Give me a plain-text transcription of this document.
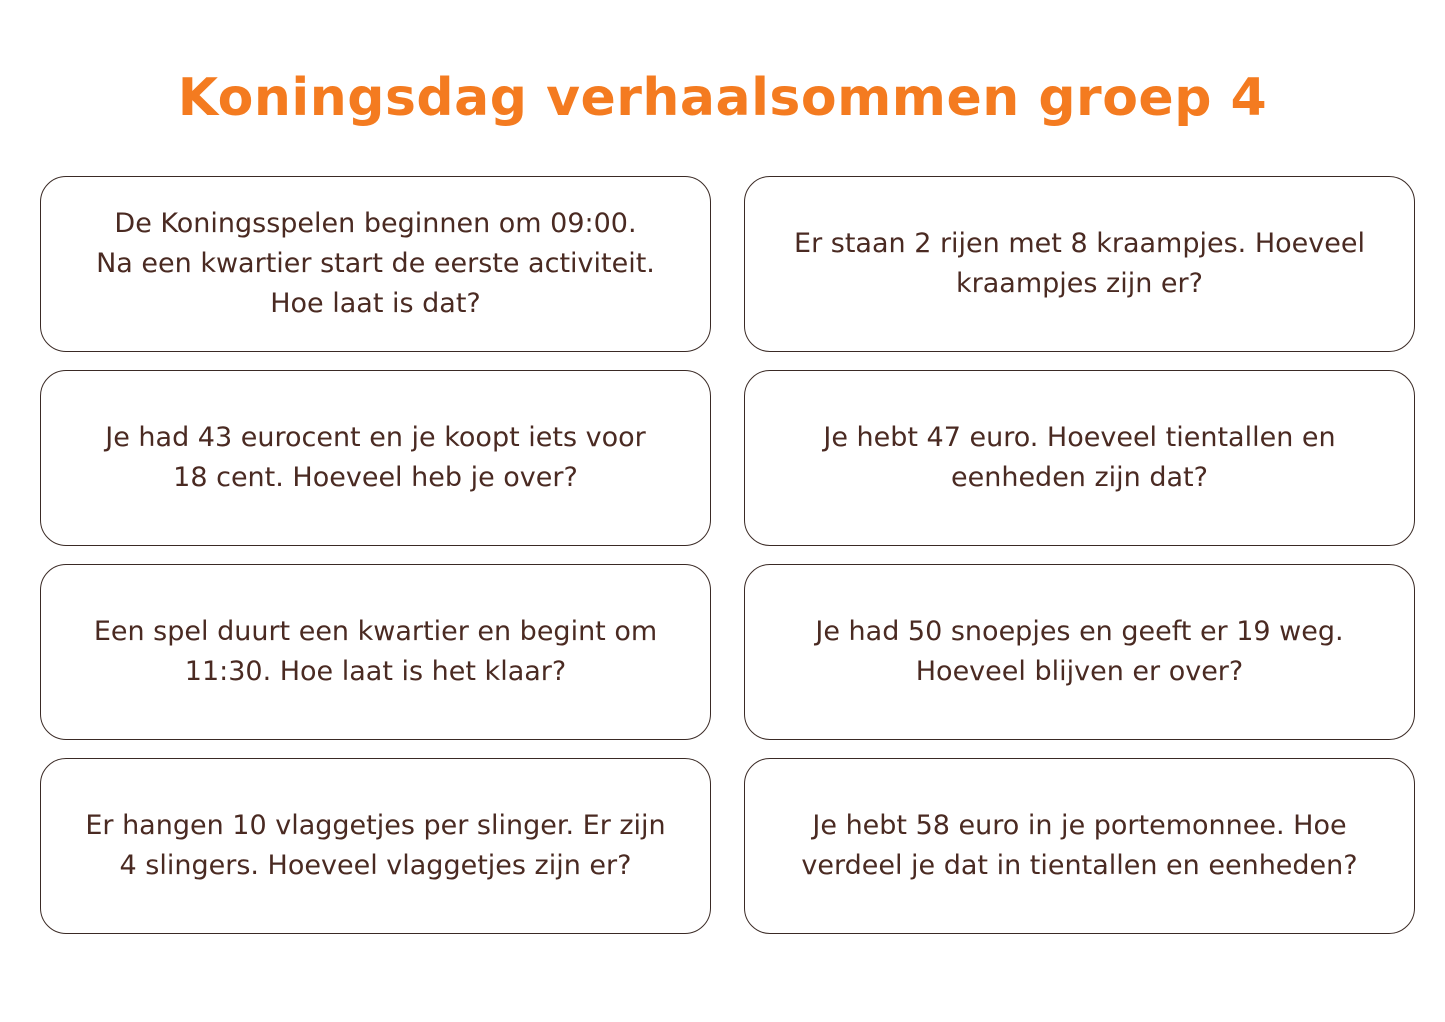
Koningsdag verhaalsommen groep 4
De Koningsspelen beginnen om 09:00.
Na een kwartier start de eerste activiteit.
Hoe laat is dat?
Er staan 2 rijen met 8 kraampjes. Hoeveel
kraampjes zijn er?
Je had 43 eurocent en je koopt iets voor
18 cent. Hoeveel heb je over?
Je hebt 47 euro. Hoeveel tientallen en
eenheden zijn dat?
Een spel duurt een kwartier en begint om
11:30. Hoe laat is het klaar?
Je had 50 snoepjes en geeft er 19 weg.
Hoeveel blijven er over?
Er hangen 10 vlaggetjes per slinger. Er zijn
4 slingers. Hoeveel vlaggetjes zijn er?
Je hebt 58 euro in je portemonnee. Hoe
verdeel je dat in tientallen en eenheden?
